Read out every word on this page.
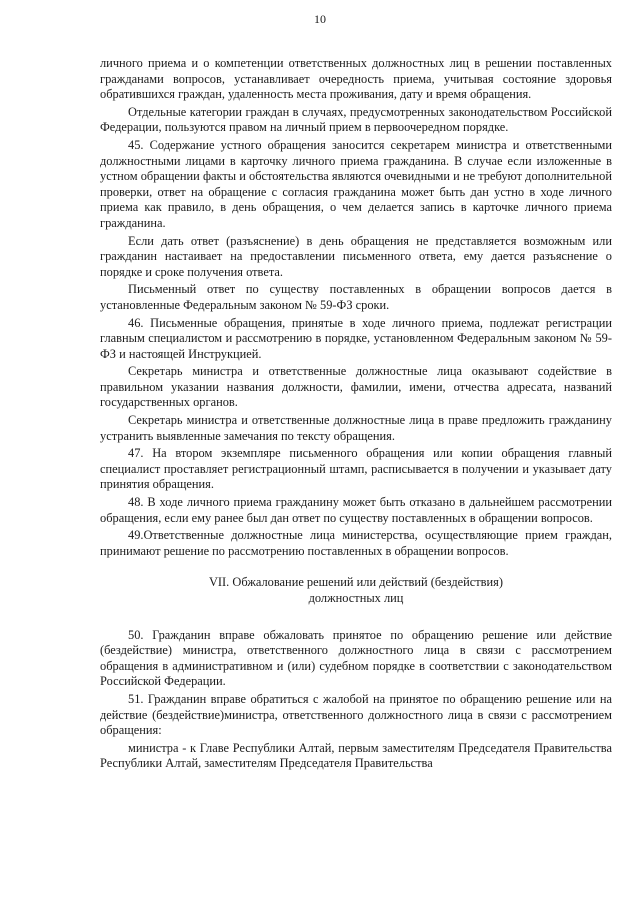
10

личного приема и о компетенции ответственных должностных лиц в решении поставленных гражданами вопросов, устанавливает очередность приема, учитывая состояние здоровья обратившихся граждан, удаленность места проживания, дату и время обращения.

Отдельные категории граждан в случаях, предусмотренных законодательством Российской Федерации, пользуются правом на личный прием в первоочередном порядке.

45. Содержание устного обращения заносится секретарем министра и ответственными должностными лицами в карточку личного приема гражданина. В случае если изложенные в устном обращении факты и обстоятельства являются очевидными и не требуют дополнительной проверки, ответ на обращение с согласия гражданина может быть дан устно в ходе личного приема как правило, в день обращения, о чем делается запись в карточке личного приема гражданина.

Если дать ответ (разъяснение) в день обращения не представляется возможным или гражданин настаивает на предоставлении письменного ответа, ему дается разъяснение о порядке и сроке получения ответа.

Письменный ответ по существу поставленных в обращении вопросов дается в установленные Федеральным законом № 59-ФЗ сроки.

46. Письменные обращения, принятые в ходе личного приема, подлежат регистрации главным специалистом и рассмотрению в порядке, установленном Федеральным законом № 59-ФЗ и настоящей Инструкцией.

Секретарь министра и ответственные должностные лица оказывают содействие в правильном указании названия должности, фамилии, имени, отчества адресата, названий государственных органов.

Секретарь министра и ответственные должностные лица в праве предложить гражданину устранить выявленные замечания по тексту обращения.

47. На втором экземпляре письменного обращения или копии обращения главный специалист проставляет регистрационный штамп, расписывается в получении и указывает дату принятия обращения.

48. В ходе личного приема гражданину может быть отказано в дальнейшем рассмотрении обращения, если ему ранее был дан ответ по существу поставленных в обращении вопросов.

49.Ответственные должностные лица министерства, осуществляющие прием граждан, принимают решение по рассмотрению поставленных в обращении вопросов.

VII. Обжалование решений или действий (бездействия)
должностных лиц

50. Гражданин вправе обжаловать принятое по обращению решение или действие (бездействие) министра, ответственного должностного лица в связи с рассмотрением обращения в административном и (или) судебном порядке в соответствии с законодательством Российской Федерации.

51. Гражданин вправе обратиться с жалобой на принятое по обращению решение или на действие (бездействие)министра, ответственного должностного лица в связи с рассмотрением обращения:

министра - к Главе Республики Алтай, первым заместителям Председателя Правительства Республики Алтай, заместителям Председателя Правительства
